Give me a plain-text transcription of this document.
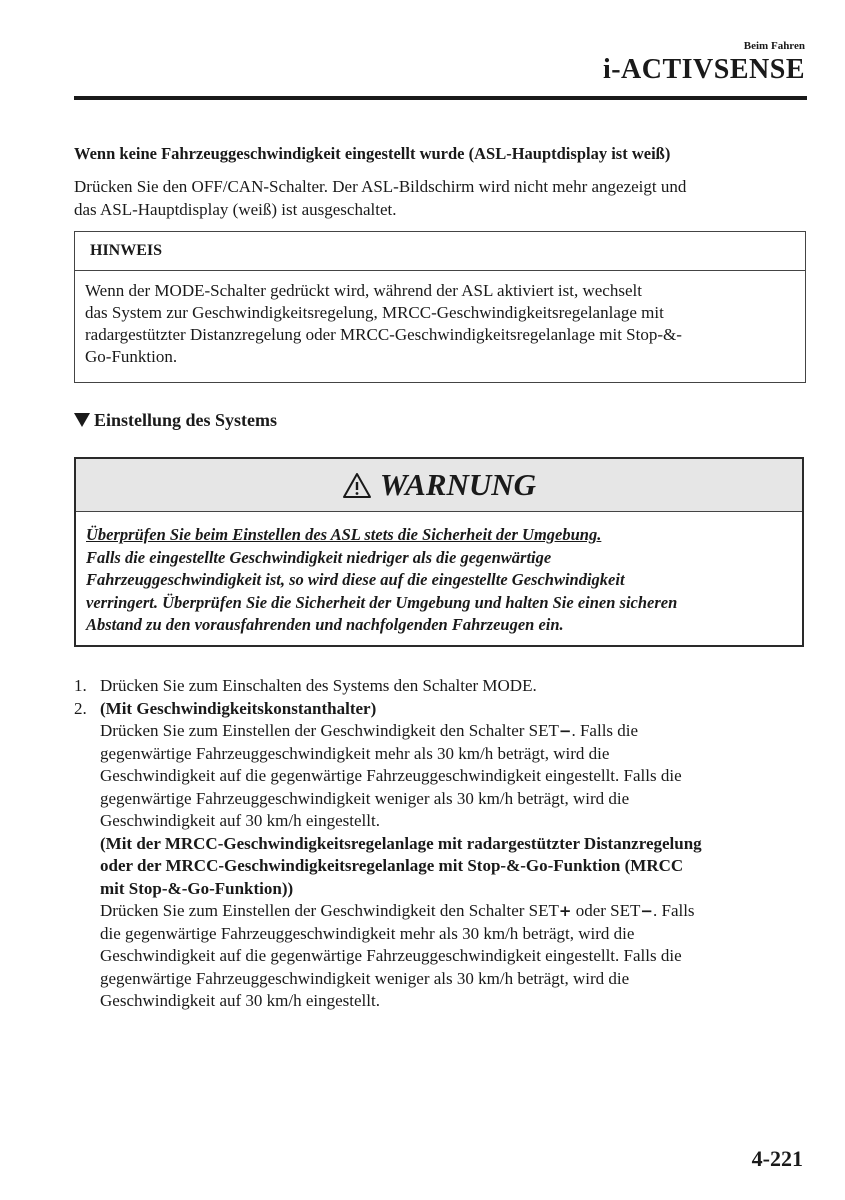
Beim Fahren
i-ACTIVSENSE
Wenn keine Fahrzeuggeschwindigkeit eingestellt wurde (ASL-Hauptdisplay ist weiß)
Drücken Sie den OFF/CAN-Schalter. Der ASL-Bildschirm wird nicht mehr angezeigt und
das ASL-Hauptdisplay (weiß) ist ausgeschaltet.
HINWEIS
Wenn der MODE-Schalter gedrückt wird, während der ASL aktiviert ist, wechselt
das System zur Geschwindigkeitsregelung, MRCC-Geschwindigkeitsregelanlage mit
radargestützter Distanzregelung oder MRCC-Geschwindigkeitsregelanlage mit Stop-&-
Go-Funktion.
Einstellung des Systems
WARNUNG
Überprüfen Sie beim Einstellen des ASL stets die Sicherheit der Umgebung.
Falls die eingestellte Geschwindigkeit niedriger als die gegenwärtige
Fahrzeuggeschwindigkeit ist, so wird diese auf die eingestellte Geschwindigkeit
verringert. Überprüfen Sie die Sicherheit der Umgebung und halten Sie einen sicheren
Abstand zu den vorausfahrenden und nachfolgenden Fahrzeugen ein.
1. Drücken Sie zum Einschalten des Systems den Schalter MODE.
2. (Mit Geschwindigkeitskonstanthalter)
Drücken Sie zum Einstellen der Geschwindigkeit den Schalter SET−. Falls die
gegenwärtige Fahrzeuggeschwindigkeit mehr als 30 km/h beträgt, wird die
Geschwindigkeit auf die gegenwärtige Fahrzeuggeschwindigkeit eingestellt. Falls die
gegenwärtige Fahrzeuggeschwindigkeit weniger als 30 km/h beträgt, wird die
Geschwindigkeit auf 30 km/h eingestellt.
(Mit der MRCC-Geschwindigkeitsregelanlage mit radargestützter Distanzregelung
oder der MRCC-Geschwindigkeitsregelanlage mit Stop-&-Go-Funktion (MRCC
mit Stop-&-Go-Funktion))
Drücken Sie zum Einstellen der Geschwindigkeit den Schalter SET+ oder SET−. Falls
die gegenwärtige Fahrzeuggeschwindigkeit mehr als 30 km/h beträgt, wird die
Geschwindigkeit auf die gegenwärtige Fahrzeuggeschwindigkeit eingestellt. Falls die
gegenwärtige Fahrzeuggeschwindigkeit weniger als 30 km/h beträgt, wird die
Geschwindigkeit auf 30 km/h eingestellt.
4-221
